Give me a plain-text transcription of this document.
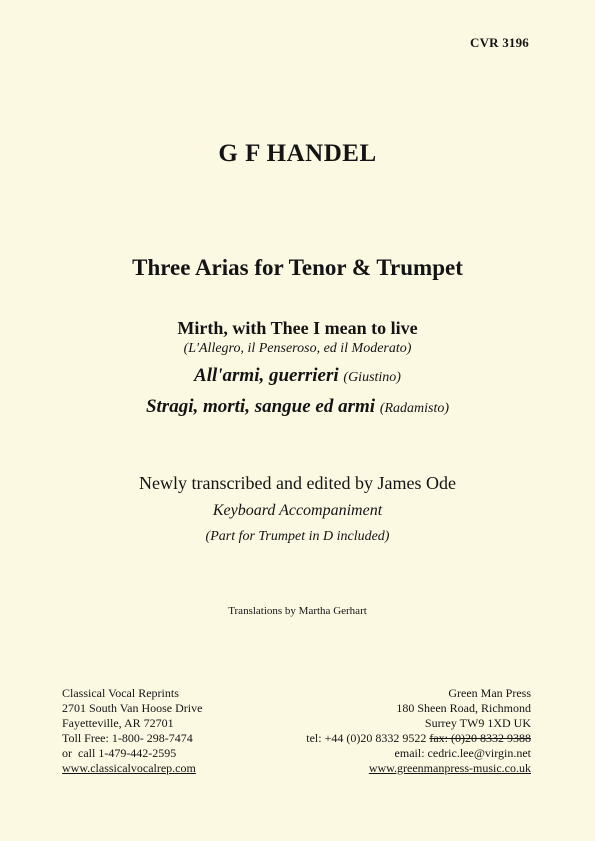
CVR 3196
G F HANDEL
Three Arias for Tenor & Trumpet
Mirth, with Thee I mean to live
(L'Allegro, il Penseroso, ed il Moderato)
All'armi, guerrieri (Giustino)
Stragi, morti, sangue ed armi (Radamisto)
Newly transcribed and edited by James Ode
Keyboard Accompaniment
(Part for Trumpet in D included)
Translations by Martha Gerhart
Classical Vocal Reprints
2701 South Van Hoose Drive
Fayetteville, AR 72701
Toll Free: 1-800- 298-7474
or  call 1-479-442-2595
www.classicalvocalrep.com
Green Man Press
180 Sheen Road, Richmond
Surrey TW9 1XD UK
tel: +44 (0)20 8332 9522 fax: (0)20 8332 9388
email: cedric.lee@virgin.net
www.greenmanpress-music.co.uk
